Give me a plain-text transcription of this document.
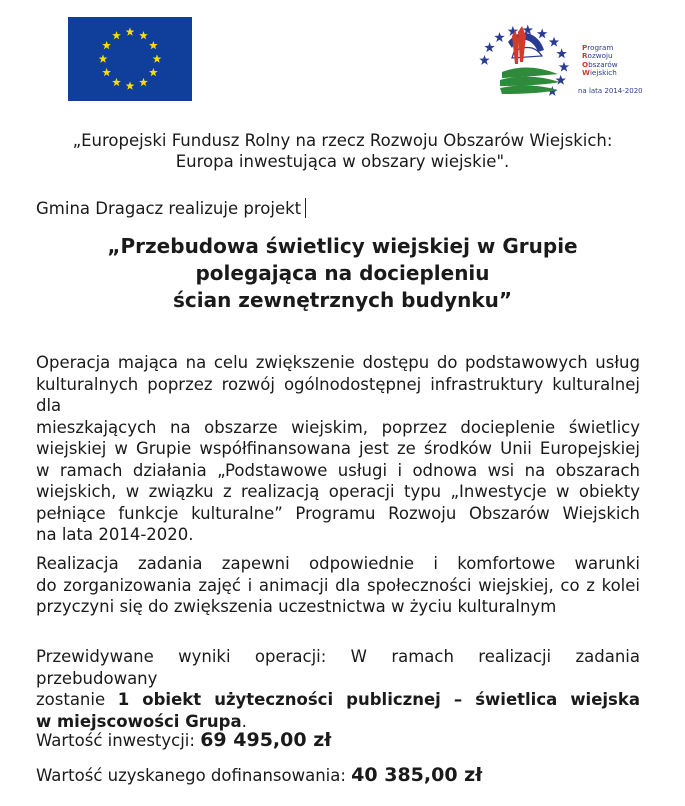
Program
Rozwoju
Obszarów
Wiejskich
na lata 2014-2020
„Europejski Fundusz Rolny na rzecz Rozwoju Obszarów Wiejskich:
Europa inwestująca w obszary wiejskie".
Gmina Dragacz realizuje projekt
„Przebudowa świetlicy wiejskiej w Grupie
polegająca na dociepleniu
ścian zewnętrznych budynku”
Operacja mająca na celu zwiększenie dostępu do podstawowych usług
kulturalnych poprzez rozwój ogólnodostępnej infrastruktury kulturalnej dla
mieszkających na obszarze wiejskim, poprzez docieplenie świetlicy
wiejskiej w Grupie współfinansowana jest ze środków Unii Europejskiej
w ramach działania „Podstawowe usługi i odnowa wsi na obszarach
wiejskich, w związku z realizacją operacji typu „Inwestycje w obiekty
pełniące funkcje kulturalne” Programu Rozwoju Obszarów Wiejskich
na lata 2014-2020.
Realizacja zadania zapewni odpowiednie i komfortowe warunki
do zorganizowania zajęć i animacji dla społeczności wiejskiej, co z kolei
przyczyni się do zwiększenia uczestnictwa w życiu kulturalnym
Przewidywane wyniki operacji: W ramach realizacji zadania przebudowany
zostanie 1 obiekt użyteczności publicznej – świetlica wiejska
w miejscowości Grupa.
Wartość inwestycji: 69 495,00 zł
Wartość uzyskanego dofinansowania: 40 385,00 zł
